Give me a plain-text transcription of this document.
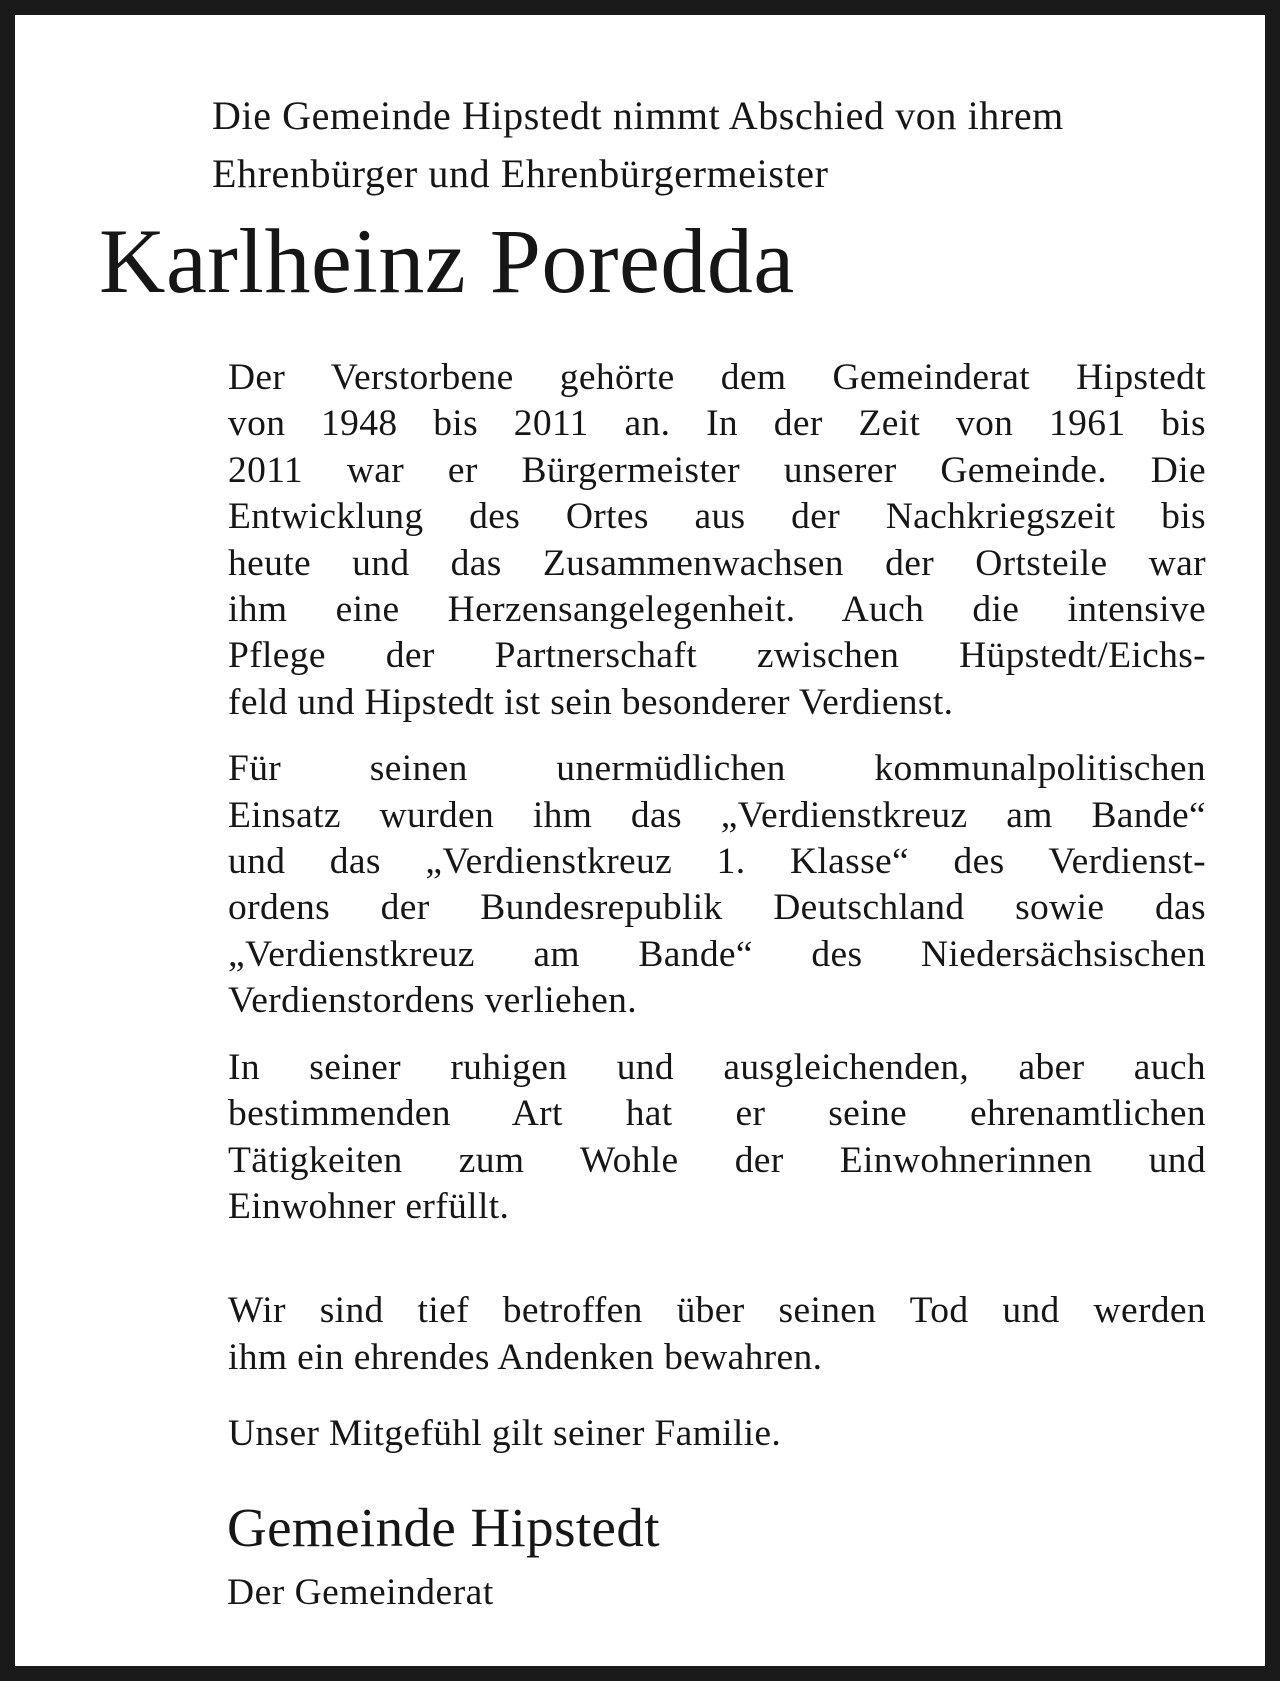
Die Gemeinde Hipstedt nimmt Abschied von ihrem
Ehrenbürger und Ehrenbürgermeister
Karlheinz Poredda
Der Verstorbene gehörte dem Gemeinderat Hipstedt
von 1948 bis 2011 an. In der Zeit von 1961 bis
2011 war er Bürgermeister unserer Gemeinde. Die
Entwicklung des Ortes aus der Nachkriegszeit bis
heute und das Zusammenwachsen der Ortsteile war
ihm eine Herzensangelegenheit. Auch die intensive
Pflege der Partnerschaft zwischen Hüpstedt/Eichs-
feld und Hipstedt ist sein besonderer Verdienst.
Für seinen unermüdlichen kommunalpolitischen
Einsatz wurden ihm das „Verdienstkreuz am Bande“
und das „Verdienstkreuz 1. Klasse“ des Verdienst-
ordens der Bundesrepublik Deutschland sowie das
„Verdienstkreuz am Bande“ des Niedersächsischen
Verdienstordens verliehen.
In seiner ruhigen und ausgleichenden, aber auch
bestimmenden Art hat er seine ehrenamtlichen
Tätigkeiten zum Wohle der Einwohnerinnen und
Einwohner erfüllt.
Wir sind tief betroffen über seinen Tod und werden
ihm ein ehrendes Andenken bewahren.
Unser Mitgefühl gilt seiner Familie.
Gemeinde Hipstedt
Der Gemeinderat
